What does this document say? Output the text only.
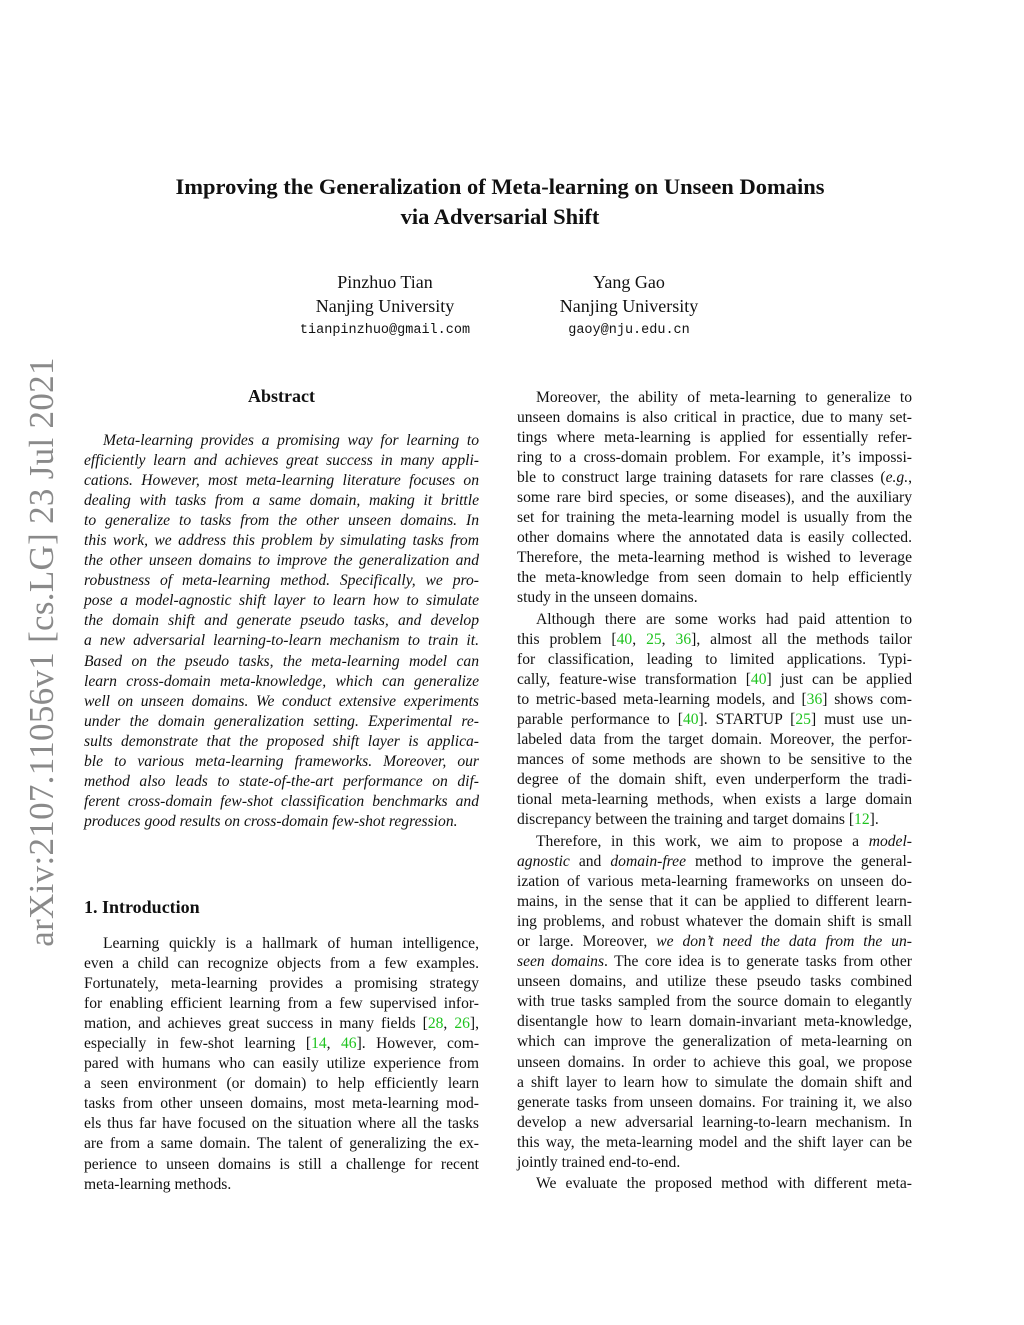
arXiv:2107.11056v1 [cs.LG] 23 Jul 2021
Improving the Generalization of Meta-learning on Unseen Domains
via Adversarial Shift
Pinzhuo Tian
Nanjing University
tianpinzhuo@gmail.com
Yang Gao
Nanjing University
gaoy@nju.edu.cn
Abstract
Meta-learning provides a promising way for learning to
efficiently learn and achieves great success in many appli-
cations. However, most meta-learning literature focuses on
dealing with tasks from a same domain, making it brittle
to generalize to tasks from the other unseen domains. In
this work, we address this problem by simulating tasks from
the other unseen domains to improve the generalization and
robustness of meta-learning method. Specifically, we pro-
pose a model-agnostic shift layer to learn how to simulate
the domain shift and generate pseudo tasks, and develop
a new adversarial learning-to-learn mechanism to train it.
Based on the pseudo tasks, the meta-learning model can
learn cross-domain meta-knowledge, which can generalize
well on unseen domains. We conduct extensive experiments
under the domain generalization setting. Experimental re-
sults demonstrate that the proposed shift layer is applica-
ble to various meta-learning frameworks. Moreover, our
method also leads to state-of-the-art performance on dif-
ferent cross-domain few-shot classification benchmarks and
produces good results on cross-domain few-shot regression.
1. Introduction
Learning quickly is a hallmark of human intelligence,
even a child can recognize objects from a few examples.
Fortunately, meta-learning provides a promising strategy
for enabling efficient learning from a few supervised infor-
mation, and achieves great success in many fields [28, 26],
especially in few-shot learning [14, 46]. However, com-
pared with humans who can easily utilize experience from
a seen environment (or domain) to help efficiently learn
tasks from other unseen domains, most meta-learning mod-
els thus far have focused on the situation where all the tasks
are from a same domain. The talent of generalizing the ex-
perience to unseen domains is still a challenge for recent
meta-learning methods.
Moreover, the ability of meta-learning to generalize to
unseen domains is also critical in practice, due to many set-
tings where meta-learning is applied for essentially refer-
ring to a cross-domain problem. For example, it’s impossi-
ble to construct large training datasets for rare classes (e.g.,
some rare bird species, or some diseases), and the auxiliary
set for training the meta-learning model is usually from the
other domains where the annotated data is easily collected.
Therefore, the meta-learning method is wished to leverage
the meta-knowledge from seen domain to help efficiently
study in the unseen domains.
Although there are some works had paid attention to
this problem [40, 25, 36], almost all the methods tailor
for classification, leading to limited applications. Typi-
cally, feature-wise transformation [40] just can be applied
to metric-based meta-learning models, and [36] shows com-
parable performance to [40]. STARTUP [25] must use un-
labeled data from the target domain. Moreover, the perfor-
mances of some methods are shown to be sensitive to the
degree of the domain shift, even underperform the tradi-
tional meta-learning methods, when exists a large domain
discrepancy between the training and target domains [12].
Therefore, in this work, we aim to propose a model-
agnostic and domain-free method to improve the general-
ization of various meta-learning frameworks on unseen do-
mains, in the sense that it can be applied to different learn-
ing problems, and robust whatever the domain shift is small
or large. Moreover, we don’t need the data from the un-
seen domains. The core idea is to generate tasks from other
unseen domains, and utilize these pseudo tasks combined
with true tasks sampled from the source domain to elegantly
disentangle how to learn domain-invariant meta-knowledge,
which can improve the generalization of meta-learning on
unseen domains. In order to achieve this goal, we propose
a shift layer to learn how to simulate the domain shift and
generate tasks from unseen domains. For training it, we also
develop a new adversarial learning-to-learn mechanism. In
this way, the meta-learning model and the shift layer can be
jointly trained end-to-end.
We evaluate the proposed method with different meta-
